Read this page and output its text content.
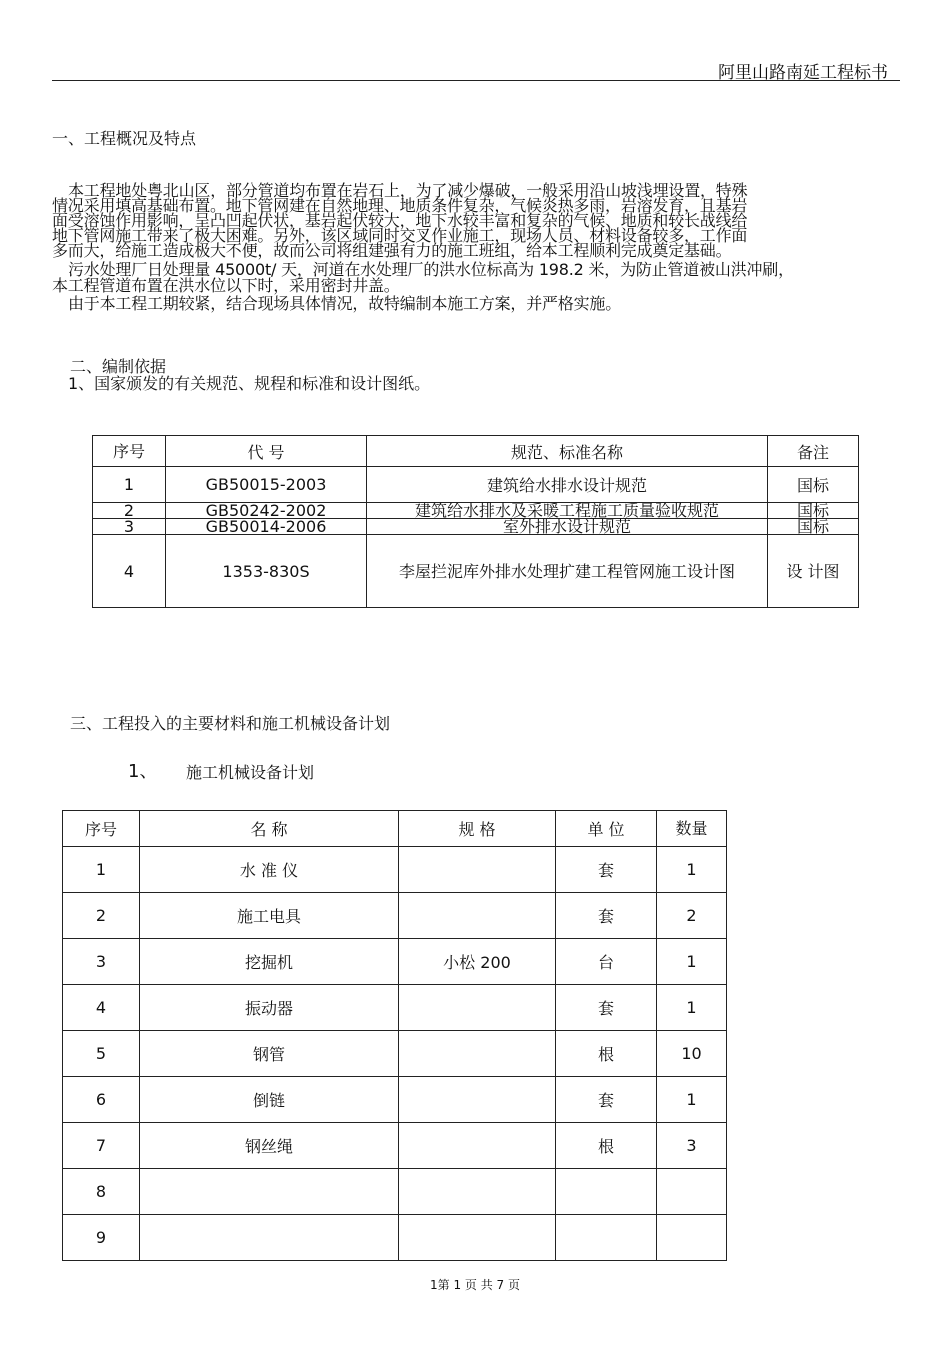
阿里山路南延工程标书
一、工程概况及特点
本工程地处粤北山区，部分管道均布置在岩石上，为了减少爆破，一般采用沿山坡浅埋设置，特殊
情况采用填高基础布置。地下管网建在自然地理、地质条件复杂，气候炎热多雨，岩溶发育，且基岩
面受溶蚀作用影响，呈凸凹起伏状，基岩起伏较大，地下水较丰富和复杂的气候、地质和较长战线给
地下管网施工带来了极大困难。另外，该区域同时交叉作业施工，现场人员、材料设备较多，工作面
多而大，给施工造成极大不便，故而公司将组建强有力的施工班组，给本工程顺利完成奠定基础。
污水处理厂日处理量 45000t/ 天，河道在水处理厂的洪水位标高为 198.2 米，为防止管道被山洪冲刷，
本工程管道布置在洪水位以下时，采用密封井盖。
由于本工程工期较紧，结合现场具体情况，故特编制本施工方案，并严格实施。
二、编制依据
1、国家颁发的有关规范、规程和标准和设计图纸。
序号	代 号	规范、标准名称	备注
1	GB50015-2003	建筑给水排水设计规范	国标
2	GB50242-2002	建筑给水排水及采暖工程施工质量验收规范	国标
3	GB50014-2006	室外排水设计规范	国标
4	1353-830S	李屋拦泥库外排水处理扩建工程管网施工设计图	设 计图
三、工程投入的主要材料和施工机械设备计划
1、 施工机械设备计划
序号	名 称	规 格	单 位	数量
1	水 准 仪		套	1
2	施工电具		套	2
3	挖掘机	小松 200	台	1
4	振动器		套	1
5	钢管		根	10
6	倒链		套	1
7	钢丝绳		根	3
8				
9				
1第 1 页 共 7 页
